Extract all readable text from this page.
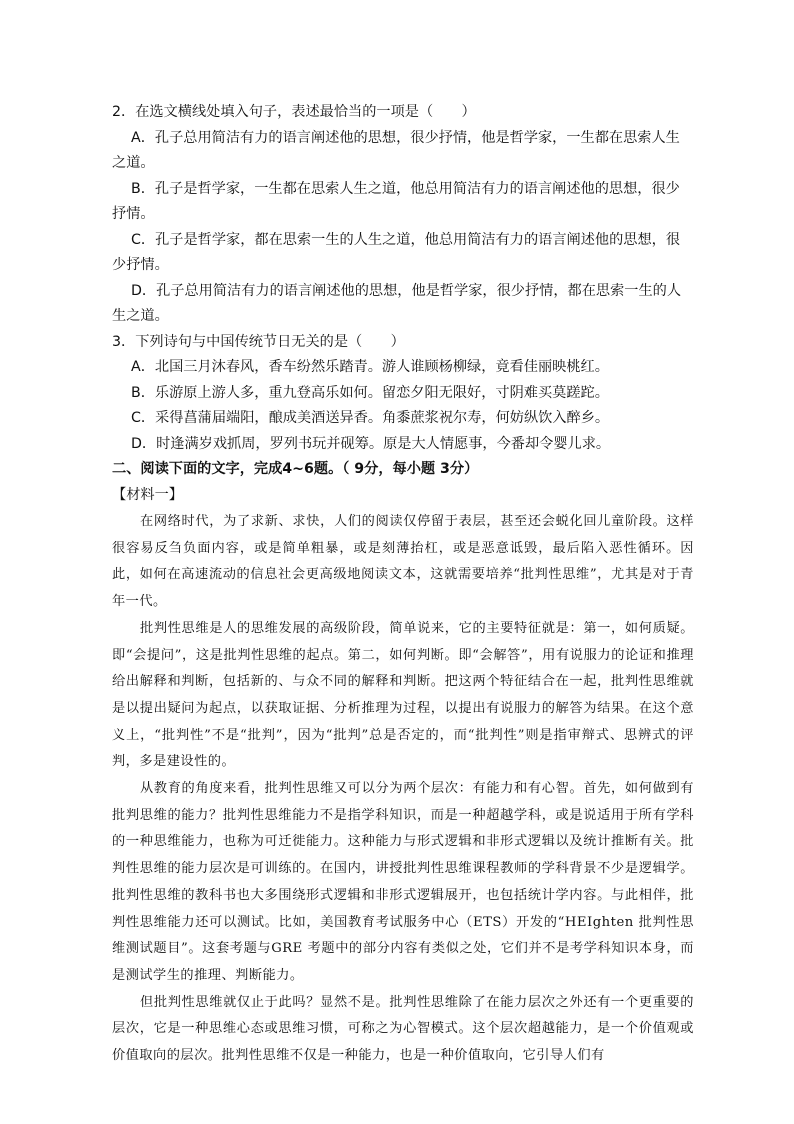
2．在选文横线处填入句子，表述最恰当的一项是（　　）

A．孔子总用简洁有力的语言阐述他的思想，很少抒情，他是哲学家，一生都在思索人生之道。

B．孔子是哲学家，一生都在思索人生之道，他总用简洁有力的语言阐述他的思想，很少抒情。

C．孔子是哲学家，都在思索一生的人生之道，他总用简洁有力的语言阐述他的思想，很少抒情。

D．孔子总用简洁有力的语言阐述他的思想，他是哲学家，很少抒情，都在思索一生的人生之道。

3．下列诗句与中国传统节日无关的是（　　）

A．北国三月沐春风，香车纷然乐踏青。游人谁顾杨柳绿，竟看佳丽映桃红。

B．乐游原上游人多，重九登高乐如何。留恋夕阳无限好，寸阴难买莫蹉跎。

C．采得菖蒲届端阳，酿成美酒送异香。角黍蔗浆祝尔寿，何妨纵饮入醉乡。

D．时逢满岁戏抓周，罗列书玩并砚筹。原是大人情愿事，今番却令婴儿求。

二、阅读下面的文字，完成4~6题。（ 9分，每小题 3分）

【材料一】

在网络时代，为了求新、求快，人们的阅读仅停留于表层，甚至还会蜕化回儿童阶段。这样很容易反刍负面内容，或是简单粗暴，或是刻薄抬杠，或是恶意诋毁，最后陷入恶性循环。因此，如何在高速流动的信息社会更高级地阅读文本，这就需要培养“批判性思维”，尤其是对于青年一代。

批判性思维是人的思维发展的高级阶段，简单说来，它的主要特征就是：第一，如何质疑。即“会提问”，这是批判性思维的起点。第二，如何判断。即“会解答”，用有说服力的论证和推理给出解释和判断，包括新的、与众不同的解释和判断。把这两个特征结合在一起，批判性思维就是以提出疑问为起点，以获取证据、分析推理为过程，以提出有说服力的解答为结果。在这个意义上，“批判性”不是“批判”，因为“批判”总是否定的，而“批判性”则是指审辩式、思辨式的评判，多是建设性的。

从教育的角度来看，批判性思维又可以分为两个层次：有能力和有心智。首先，如何做到有批判思维的能力？批判性思维能力不是指学科知识，而是一种超越学科，或是说适用于所有学科的一种思维能力，也称为可迁徙能力。这种能力与形式逻辑和非形式逻辑以及统计推断有关。批判性思维的能力层次是可训练的。在国内，讲授批判性思维课程教师的学科背景不少是逻辑学。批判性思维的教科书也大多围绕形式逻辑和非形式逻辑展开，也包括统计学内容。与此相伴，批判性思维能力还可以测试。比如，美国教育考试服务中心（ETS）开发的“HEIghten 批判性思维测试题目”。这套考题与GRE 考题中的部分内容有类似之处，它们并不是考学科知识本身，而是测试学生的推理、判断能力。

但批判性思维就仅止于此吗？显然不是。批判性思维除了在能力层次之外还有一个更重要的层次，它是一种思维心态或思维习惯，可称之为心智模式。这个层次超越能力，是一个价值观或价值取向的层次。批判性思维不仅是一种能力，也是一种价值取向，它引导人们有
